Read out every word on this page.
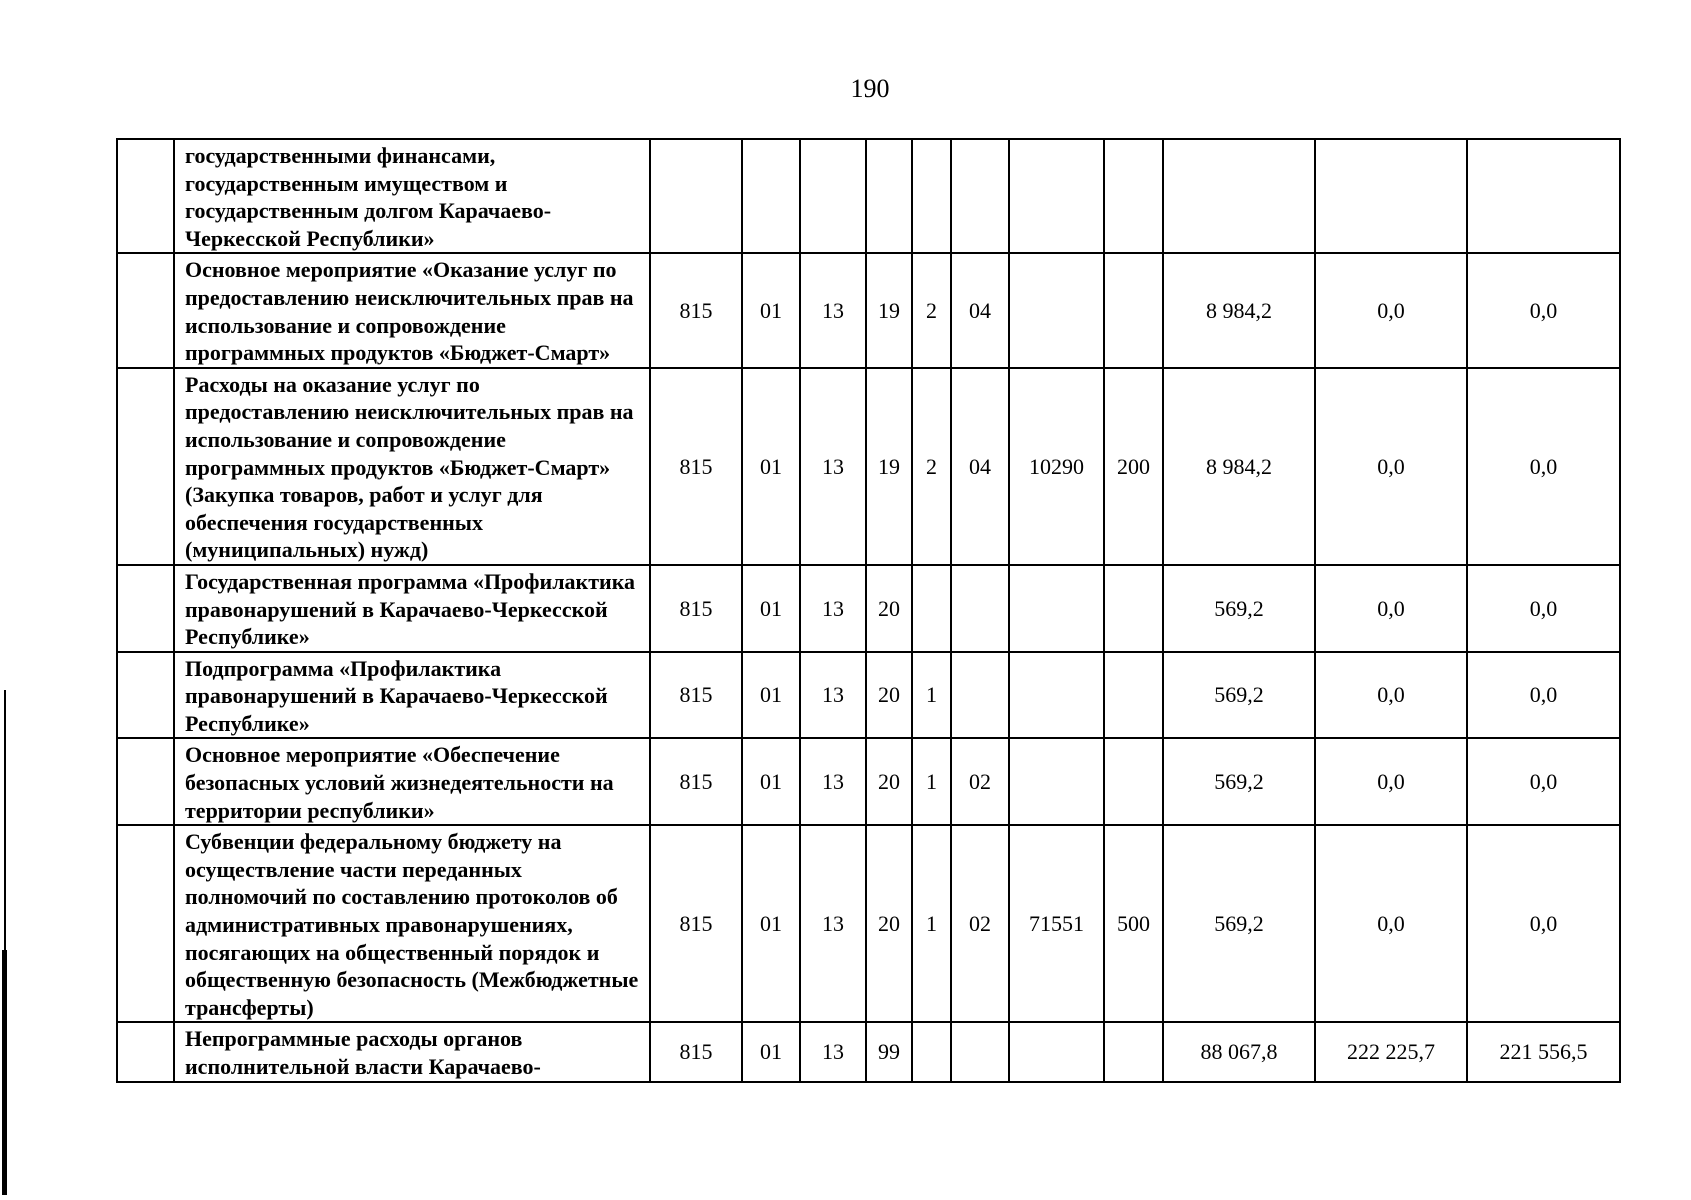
190
	государственными финансами, государственным имуществом и государственным долгом Карачаево-Черкесской Республики»											
	Основное мероприятие «Оказание услуг по предоставлению неисключительных прав на использование и сопровождение программных продуктов «Бюджет-Смарт»	815	01	13	19	2	04			8 984,2	0,0	0,0
	Расходы на оказание услуг по предоставлению неисключительных прав на использование и сопровождение программных продуктов «Бюджет-Смарт» (Закупка товаров, работ и услуг для обеспечения государственных (муниципальных) нужд)	815	01	13	19	2	04	10290	200	8 984,2	0,0	0,0
	Государственная программа «Профилактика правонарушений в Карачаево-Черкесской Республике»	815	01	13	20					569,2	0,0	0,0
	Подпрограмма «Профилактика правонарушений в Карачаево-Черкесской Республике»	815	01	13	20	1				569,2	0,0	0,0
	Основное мероприятие «Обеспечение безопасных условий жизнедеятельности на территории республики»	815	01	13	20	1	02			569,2	0,0	0,0
	Субвенции федеральному бюджету на осуществление части переданных полномочий по составлению протоколов об административных правонарушениях, посягающих на общественный порядок и общественную безопасность (Межбюджетные трансферты)	815	01	13	20	1	02	71551	500	569,2	0,0	0,0
	Непрограммные расходы органов исполнительной власти Карачаево-	815	01	13	99					88 067,8	222 225,7	221 556,5
